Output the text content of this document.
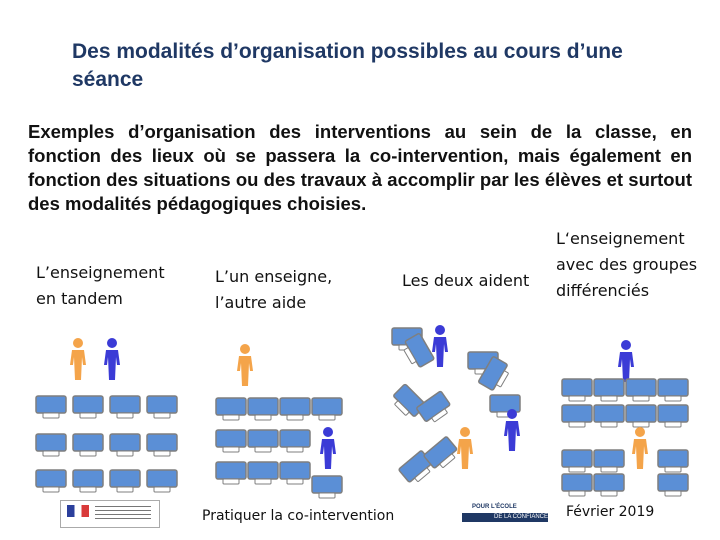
Des modalités d’organisation possibles au cours d’une séance
Exemples d’organisation des interventions au sein de la classe, en fonction des lieux où se passera la co-intervention, mais également en fonction des situations ou des travaux à accomplir par les élèves et surtout des modalités pédagogiques choisies.
L’enseignement en tandem
L’un enseigne, l’autre aide
Les deux aident
L‘enseignement avec des groupes différenciés
Pratiquer la co-intervention
POUR L'ÉCOLE
DE LA CONFIANCE Février 2019
